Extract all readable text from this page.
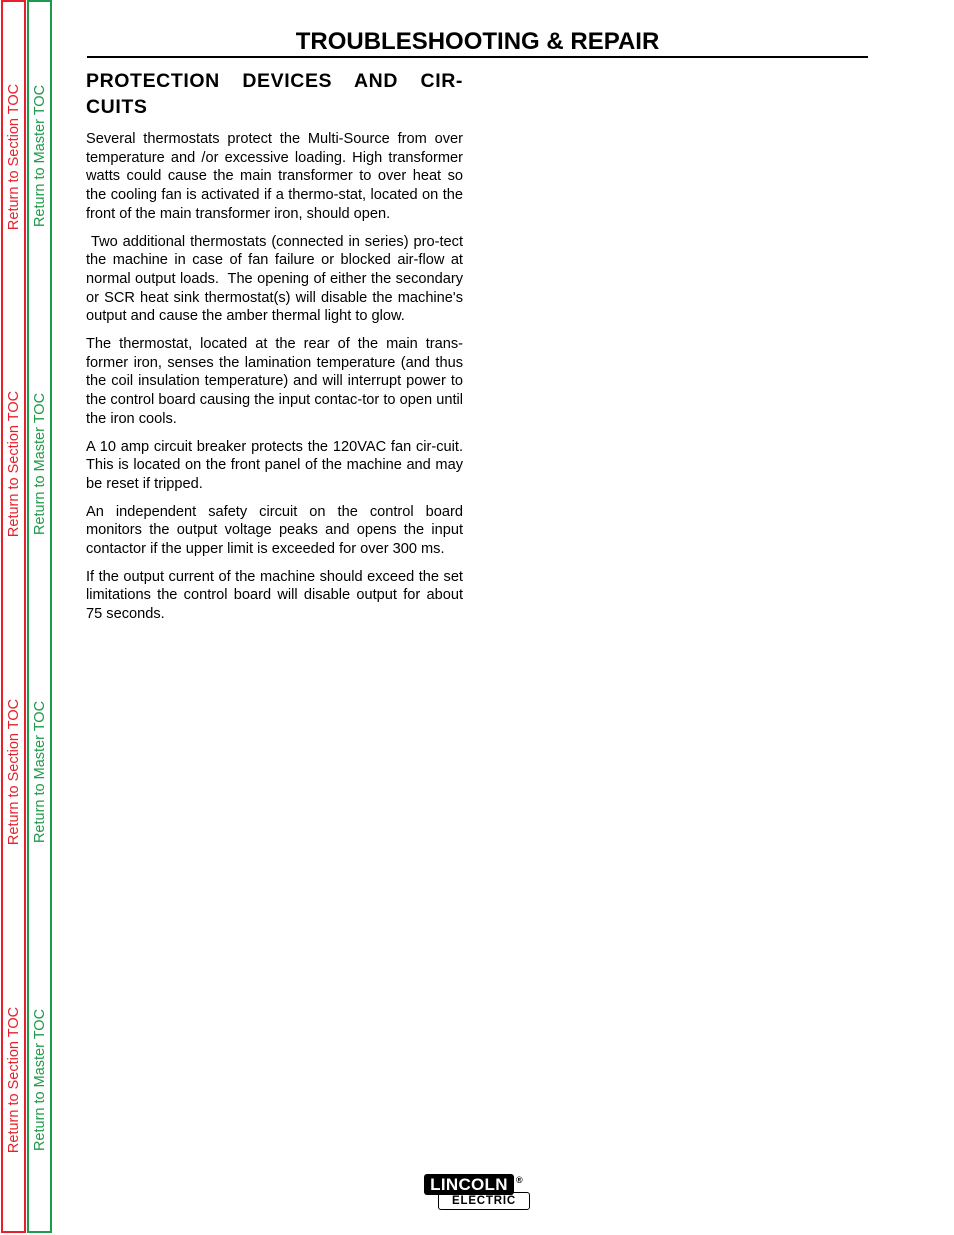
Return to Section TOC
Return to Section TOC
Return to Section TOC
Return to Section TOC
Return to Master TOC
Return to Master TOC
Return to Master TOC
Return to Master TOC
TROUBLESHOOTING & REPAIR
PROTECTION DEVICES AND CIR-CUITS

Several thermostats protect the Multi-Source from over temperature and /or excessive loading. High transformer watts could cause the main transformer to over heat so the cooling fan is activated if a thermo-stat, located on the front of the main transformer iron, should open.

Two additional thermostats (connected in series) pro-tect the machine in case of fan failure or blocked air-flow at normal output loads.  The opening of either the secondary or SCR heat sink thermostat(s) will disable the machine's output and cause the amber thermal light to glow.

The thermostat, located at the rear of the main trans-former iron, senses the lamination temperature (and thus the coil insulation temperature) and will interrupt power to the control board causing the input contac-tor to open until the iron cools.

A 10 amp circuit breaker protects the 120VAC fan cir-cuit. This is located on the front panel of the machine and may be reset if tripped.

An independent safety circuit on the control board monitors the output voltage peaks and opens the input contactor if the upper limit is exceeded for over 300 ms.

If the output current of the machine should exceed the set limitations the control board will disable output for about 75 seconds.

ELECTRIC
LINCOLN ®
